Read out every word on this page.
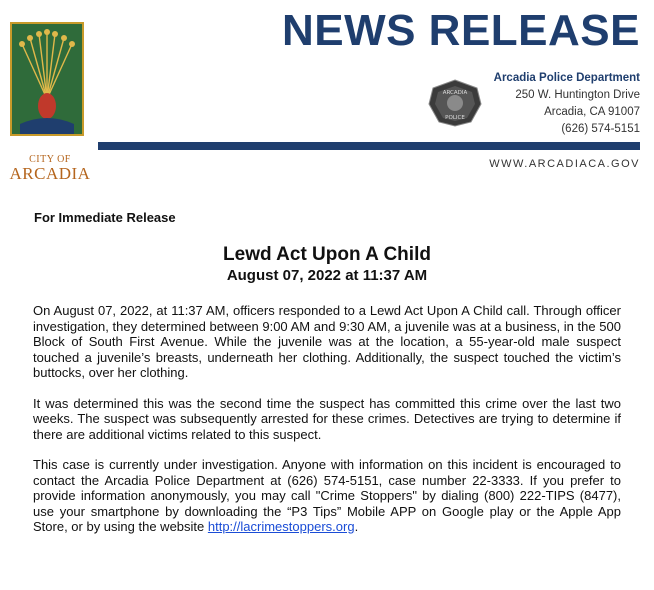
CITY OF
ARCADIA
NEWS RELEASE
ARCADIA
POLICE
Arcadia Police Department
250 W. Huntington Drive
Arcadia, CA 91007
(626) 574-5151
WWW.ARCADIACA.GOV
For Immediate Release
Lewd Act Upon A Child
August 07, 2022 at 11:37 AM

On August 07, 2022, at 11:37 AM, officers responded to a Lewd Act Upon A Child call. Through officer investigation, they determined between 9:00 AM and 9:30 AM, a juvenile was at a business, in the 500 Block of South First Avenue. While the juvenile was at the location, a 55-year-old male suspect touched a juvenile’s breasts, underneath her clothing. Additionally, the suspect touched the victim’s buttocks, over her clothing.

It was determined this was the second time the suspect has committed this crime over the last two weeks. The suspect was subsequently arrested for these crimes. Detectives are trying to determine if there are additional victims related to this suspect.

This case is currently under investigation. Anyone with information on this incident is encouraged to contact the Arcadia Police Department at (626) 574-5151, case number 22-3333. If you prefer to provide information anonymously, you may call "Crime Stoppers" by dialing (800) 222-TIPS (8477), use your smartphone by downloading the “P3 Tips” Mobile APP on Google play or the Apple App Store, or by using the website http://lacrimestoppers.org.
